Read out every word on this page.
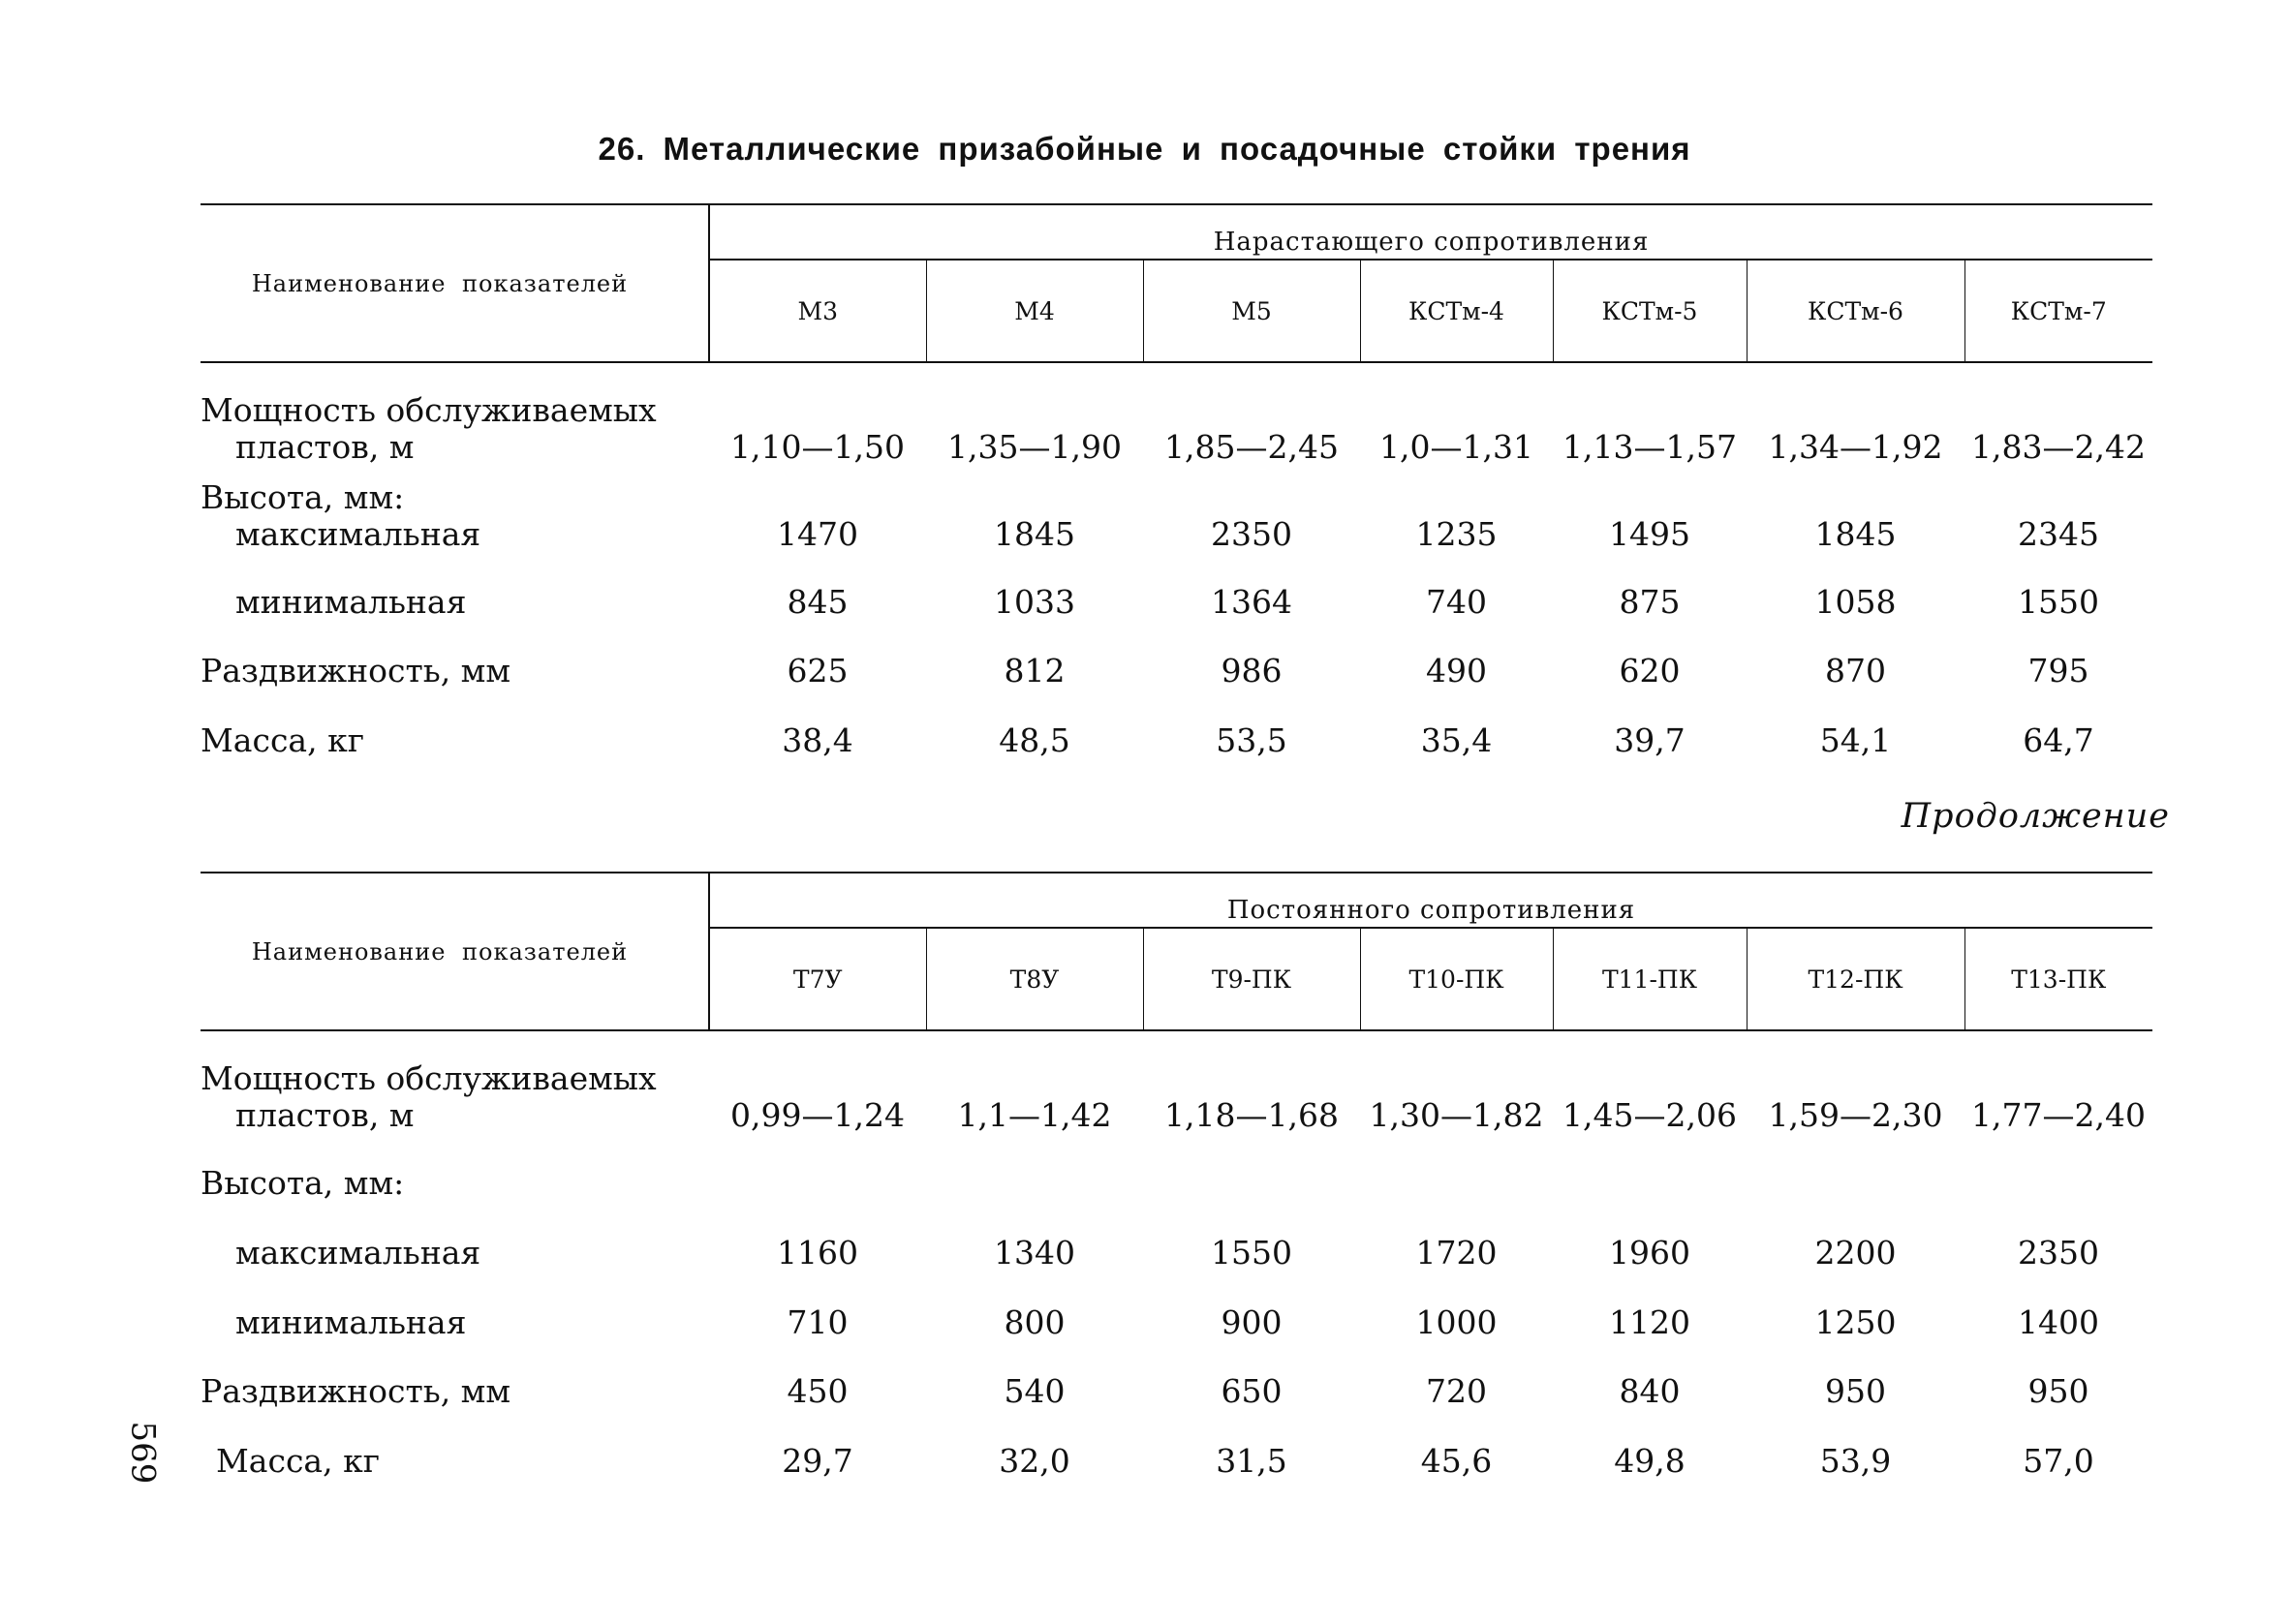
26. Металлические призабойные и посадочные стойки трения
Наименование показателей	Нарастающего сопротивления						
	М3	М4	М5	КСТм-4	КСТм-5	КСТм-6	КСТм-7

Мощность обслуживаемых
пластов, м	1,10—1,50	1,35—1,90	1,85—2,45	1,0—1,31	1,13—1,57	1,34—1,92	1,83—2,42
Высота, мм:
максимальная	1470	1845	2350	1235	1495	1845	2345
минимальная	845	1033	1364	740	875	1058	1550
Раздвижность, мм	625	812	986	490	620	870	795
Масса, кг	38,4	48,5	53,5	35,4	39,7	54,1	64,7
Продолжение
Наименование показателей	Постоянного сопротивления						
	Т7У	Т8У	Т9-ПК	Т10-ПК	Т11-ПК	Т12-ПК	Т13-ПК

Мощность обслуживаемых
пластов, м	0,99—1,24	1,1—1,42	1,18—1,68	1,30—1,82	1,45—2,06	1,59—2,30	1,77—2,40
Высота, мм:							
максимальная	1160	1340	1550	1720	1960	2200	2350
минимальная	710	800	900	1000	1120	1250	1400
Раздвижность, мм	450	540	650	720	840	950	950
Масса, кг	29,7	32,0	31,5	45,6	49,8	53,9	57,0
569
